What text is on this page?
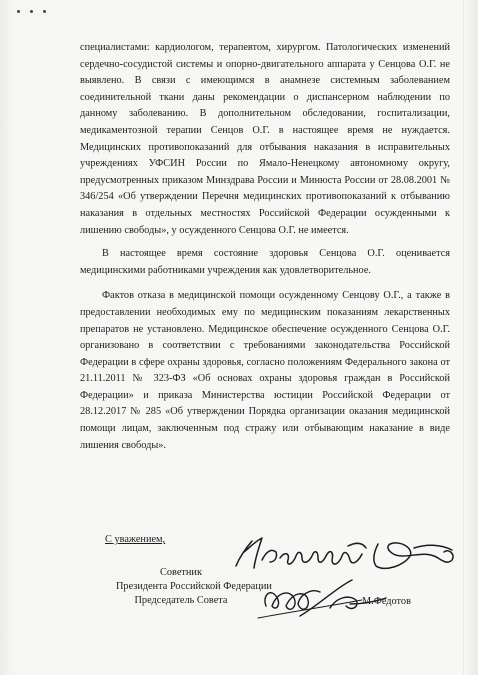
специалистами: кардиологом, терапевтом, хирургом. Патологических изменений сердечно-сосудистой системы и опорно-двигательного аппарата у Сенцова О.Г. не выявлено. В связи с имеющимся в анамнезе системным заболеванием соединительной ткани даны рекомендации о диспансерном наблюдении по данному заболеванию. В дополнительном обследовании, госпитализации, медикаментозной терапии Сенцов О.Г. в настоящее время не нуждается. Медицинских противопоказаний для отбывания наказания в исправительных учреждениях УФСИН России по Ямало-Ненецкому автономному округу, предусмотренных приказом Минздрава России и Минюста России от 28.08.2001 № 346/254 «Об утверждении Перечня медицинских противопоказаний к отбыванию наказания в отдельных местностях Российской Федерации осужденными к лишению свободы», у осужденного Сенцова О.Г. не имеется.

В настоящее время состояние здоровья Сенцова О.Г. оценивается медицинскими работниками учреждения как удовлетворительное.

Фактов отказа в медицинской помощи осужденному Сенцову О.Г., а также в предоставлении необходимых ему по медицинским показаниям лекарственных препаратов не установлено. Медицинское обеспечение осужденного Сенцова О.Г. организовано в соответствии с требованиями законодательства Российской Федерации в сфере охраны здоровья, согласно положениям Федерального закона от 21.11.2011 № 323-ФЗ «Об основах охраны здоровья граждан в Российской Федерации» и приказа Министерства юстиции Российской Федерации от 28.12.2017 № 285 «Об утверждении Порядка организации оказания медицинской помощи лицам, заключенным под стражу или отбывающим наказание в виде лишения свободы».

С уважением,
Советник
Президента Российской Федерации
Председатель Совета	М.Федотов
